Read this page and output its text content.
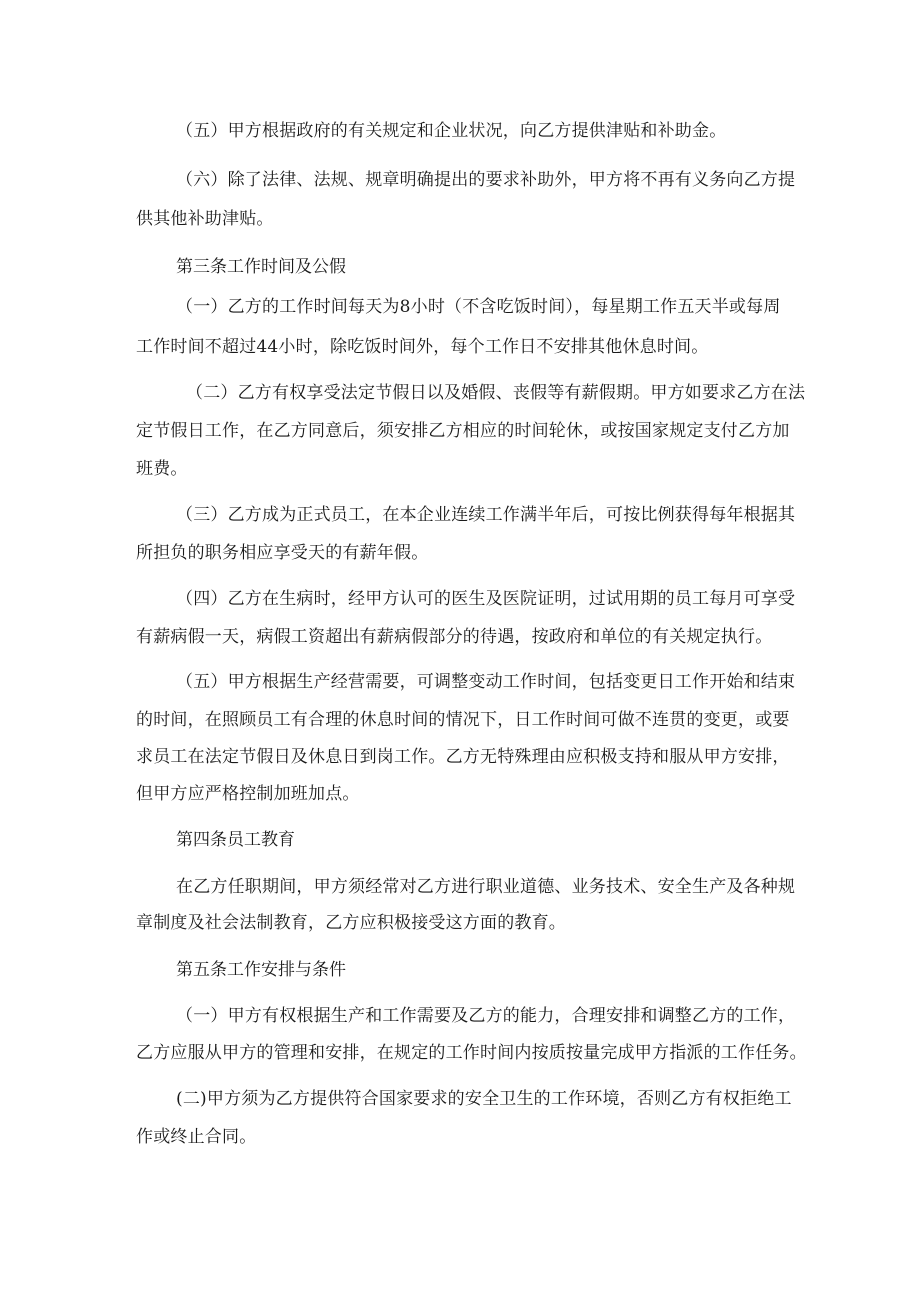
（五）甲方根据政府的有关规定和企业状况，向乙方提供津贴和补助金。
（六）除了法律、法规、规章明确提出的要求补助外，甲方将不再有义务向乙方提
供其他补助津贴。
第三条工作时间及公假
（一）乙方的工作时间每天为8小时（不含吃饭时间），每星期工作五天半或每周
工作时间不超过44小时，除吃饭时间外，每个工作日不安排其他休息时间。
（二）乙方有权享受法定节假日以及婚假、丧假等有薪假期。甲方如要求乙方在法
定节假日工作，在乙方同意后，须安排乙方相应的时间轮休，或按国家规定支付乙方加
班费。
（三）乙方成为正式员工，在本企业连续工作满半年后，可按比例获得每年根据其
所担负的职务相应享受天的有薪年假。
（四）乙方在生病时，经甲方认可的医生及医院证明，过试用期的员工每月可享受
有薪病假一天，病假工资超出有薪病假部分的待遇，按政府和单位的有关规定执行。
（五）甲方根据生产经营需要，可调整变动工作时间，包括变更日工作开始和结束
的时间，在照顾员工有合理的休息时间的情况下，日工作时间可做不连贯的变更，或要
求员工在法定节假日及休息日到岗工作。乙方无特殊理由应积极支持和服从甲方安排，
但甲方应严格控制加班加点。
第四条员工教育
在乙方任职期间，甲方须经常对乙方进行职业道德、业务技术、安全生产及各种规
章制度及社会法制教育，乙方应积极接受这方面的教育。
第五条工作安排与条件
（一）甲方有权根据生产和工作需要及乙方的能力，合理安排和调整乙方的工作，
乙方应服从甲方的管理和安排，在规定的工作时间内按质按量完成甲方指派的工作任务。
(二)甲方须为乙方提供符合国家要求的安全卫生的工作环境，否则乙方有权拒绝工
作或终止合同。
